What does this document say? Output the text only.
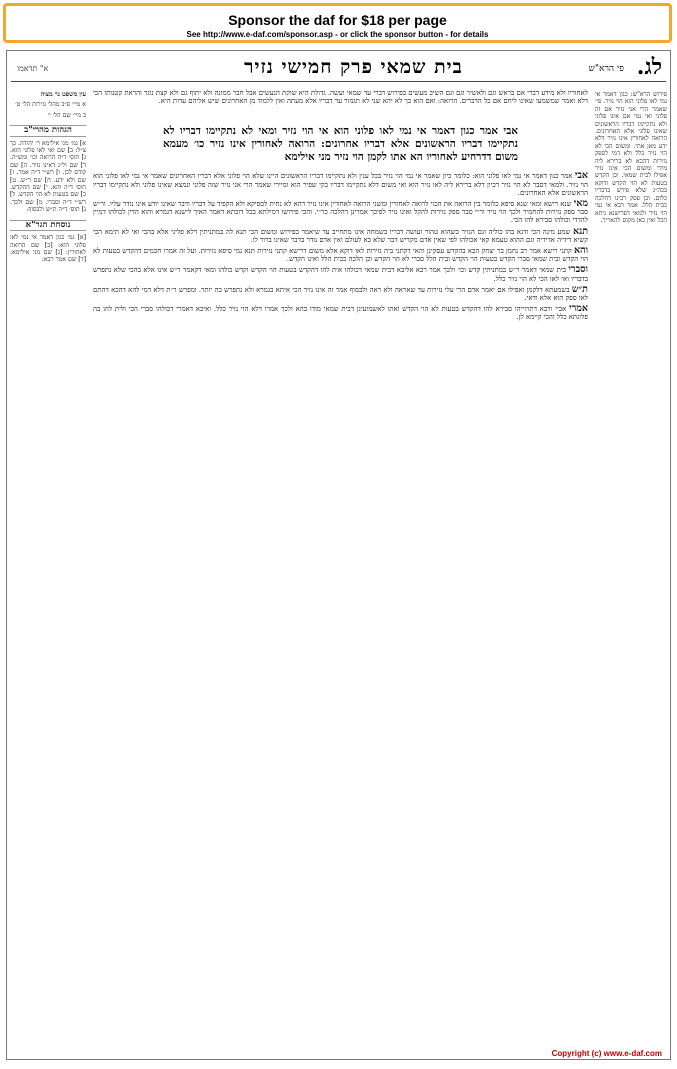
Sponsor the daf for $18 per page
See http://www.e-daf.com/sponsor.asp - or click the sponsor button - for details
לג.
פי הרא"ש
בית שמאי פרק חמישי נזיר
א" תדאמו

פירוש הרא"ש: כגון דאמר אי נמי לאו פלוני הוא הוי נזיר. פי׳ שאמר הרי אני נזיר אם זה פלוני ואי נמי אם אינו פלוני ולא נתקיימו דבריו הראשונים שאינו פלוני אלא האחרונים. הרואה לאחורין אינו נזיר דלא ידע מאן אתי. ומשום הכי לא הוי נזיר כלל ולא דמי לספק נזירות דהכא לא ברירא ליה מידי ומשום הכי אינו נזיר אפילו לבית שמאי. וכן הקדש בטעות לא הוי הקדש ודוקא בכה״ג שלא פירש בדבריו כלום. וכן פסק רבינו דהלכה כבית הלל. אמר רבא אי נמי הוי נזיר ולמאי דפרישנא ניחא הכל ואין כאן מקום להאריך.

לאחוריו ולא מידע דברי אם בראש וגם ולאשיר וגם וגם השיב מעשים בפירוש דברי עד שמאי ועשה. גדולת היא שוקת הנעשים אבל חבר ממונה ולא יתוף גם ולא קצת נוגר והראת קטנותו הכי דלא ואמר שמשמעו שאינו ליחם אם כל הדברים. הרואה: ואם הוא כך לא יהא שני לא תגמור עד דבריו אלא מעתה ואין ללמוד מן האחרונים שיש אליהם עדות היא.

אבי אמר כגון דאמר אי נמי לאו פלוני הוא אי הוי נזיר ומאי לא נתקיימו דבריו לא נתקיימו דבריו הראשונים אלא דבריו אחרונים: הרואה לאחורין אינו נזיר כו׳ מעמא משום דדרחיע לאחוריו הא אתו לקמן הוי נזיר מני אילימא

אבי אמר כגון דאמר אי נמי לאו פלוני הוא: כלומר כיון שאמר אי נמי הוי נזיר בכל ענין ולא נתקיימו דבריו הראשונים היינו שלא הוי פלוני אלא דבריו האחרונים שאמר אי נמי לאו פלוני הוא הוי נזיר. ולמאי דסבר לא הוי נזיר דכיון דלא ברירא ליה לאו נזיר הוא ואי משום דלא נתקיימו דבריו בקי שפיר הוא ומיירי שאמר הרי אני נזיר שזה פלוני ונמצא שאינו פלוני ולא נתקיימו דבריו הראשונים אלא האחרונים.

מאי שנא רישא ומאי שנא סיפא כלומר בין הרואה את הכוי לרואה לאחורין ומשני הרואה לאחורין אינו נזיר דהא לא נחית לספיקא ולא הקפיד על דבריו ודבר שאינו יודע אינו נודר עליו. ור״ש סבר ספק נזירות להחמיר ולכך הוי נזיר ור״י סבר ספק נזירות להקל ואינו נזיר לפיכך אמרינן דהלכה כר״י. והכי פירושו דמילתא בכל דוכתא דאמר האיך לישנא דגמרא והוא הדין לכולהו דמיין להדדי וכולהו סבירא להו הכי.

תנא שמע מינה הכי ודנא בהו כוליה וגם הנזיר כשהוא טהור ועושה דבריו בשמחה אינו מתחייב עד שיאמר בפירוש ומשום הכי תנא לה במתניתין דלא פליגי אלא בהכי ואי לא תימא הכי קשיא דידיה אדידיה וגם ההוא טעמא קאי אכולהו לפי שאין אדם מקדיש דבר שלא בא לעולם ואין אדם נודר בדבר שאינו ברור לו.

והא קתני רישא אמר רב נחמן בר יצחק הכא בהקדש עסקינן והאי דקתני ביה נזירות לאו דוקא אלא משום דרישא קתני נזירות תנא נמי סיפא נזירות. ועל זה אמרו חכמים דהקדש בטעות לא הוי הקדש ובית שמאי סברי הקדש בטעות הוי הקדש ובית הלל סברי לא הוי הקדש וכן הלכה כבית הלל ואינו הקדש.

וסברי בית שמאי דאמר ר״ש במתניתין קדש וכו׳ ולכך אמר רבא אליבא דבית שמאי דכולהו אית להו דהקדש בטעות הוי הקדש וקדש כולהו ומאי דקאמר ר״ש אינו אלא בהכי שלא נתפרש בדבריו ואי לאו הכי לא הוי נזיר כלל.

ת״ש בשמעתא דלקמן ואפילו אם יאמר אדם הרי עלי נזירות עד שאראה ולא ראה ולבסוף אמר זה אינו נזיר הכי איתא בגמרא ולא נתפרש בה יותר. ומפרש ר״ת דלא דמי להא דהכא דהתם לאו ספק הוא אלא ודאי.

אמרי אביי ורבא דתרוייהו סבירא להו דהקדש בטעות לא הוי הקדש ואתו לאשמועינן דבית שמאי מודו בהא ולכך אמרו דלא הוי נזיר כלל. ואיכא דאמרי דכולהו סברי הכי ולית להו בה פלוגתא כלל והכי קיימא לן.

עין משפט נר מצוה

א מיי׳ פ״ב מהל׳ נזירות הל׳ ט׳

ב מיי׳ שם הל׳ י׳

הגהות מהרי"ב

א] גמ׳ מני אילימא ר׳ יהודה. כך צ״ל: ב] שם ואי לאו פלוני הוא. ג] תוס׳ ד״ה הרואה וכו׳ ומש״ה. ד] שם ול״נ דאינו נזיר. ה] שם קודם לכן. ו] רש״י ד״ה אמר. ז] שם ולא ידע. ח] שם ר״ש. ט] תוס׳ ד״ה והא. י] שם ההקדש. כ] שם בטעות לא הוי הקדש. ל] רש״י ד״ה וסברי. מ] שם ולכך. נ] תוס׳ ד״ה ת״ש ולבסוף.

נוסחת הגר"א

[א] גמ׳ כגון דאמר אי נמי לאו פלוני הוא: [ב] שם הרואה לאחורין: [ג] שם מני אילימא: [ד] שם אמר רבא:

Copyright (c) www.e-daf.com
